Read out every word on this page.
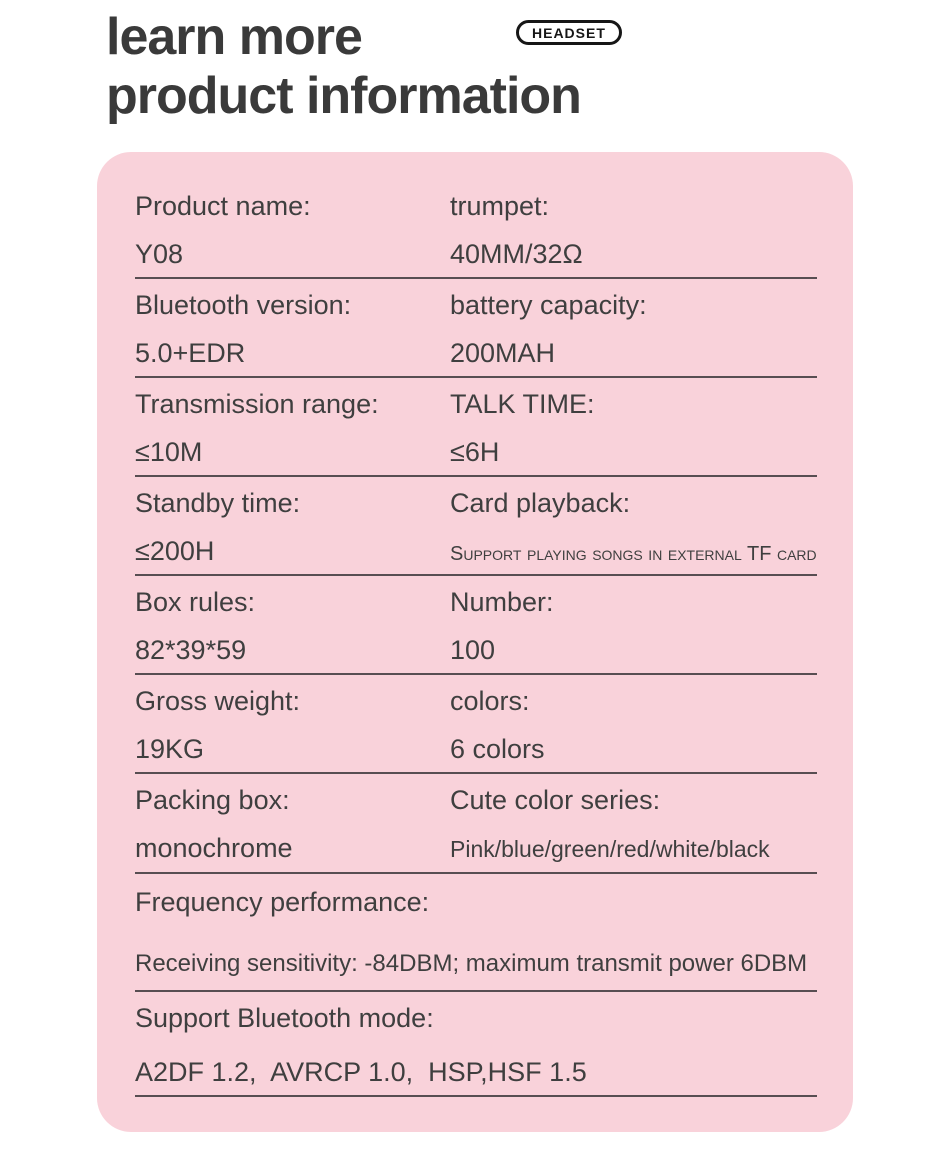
learn more
product information
HEADSET
Product name:	trumpet:
Y08	40MM/32Ω
Bluetooth version:	battery capacity:
5.0+EDR	200MAH
Transmission range:	TALK TIME:
≤10M	≤6H
Standby time:	Card playback:
≤200H	Support playing songs in external TF card
Box rules:	Number:
82*39*59	100
Gross weight:	colors:
19KG	6 colors
Packing box:	Cute color series:
monochrome	Pink/blue/green/red/white/black
Frequency performance:
Receiving sensitivity: -84DBM; maximum transmit power 6DBM
Support Bluetooth mode:
A2DF 1.2,  AVRCP 1.0,  HSP,HSF 1.5
